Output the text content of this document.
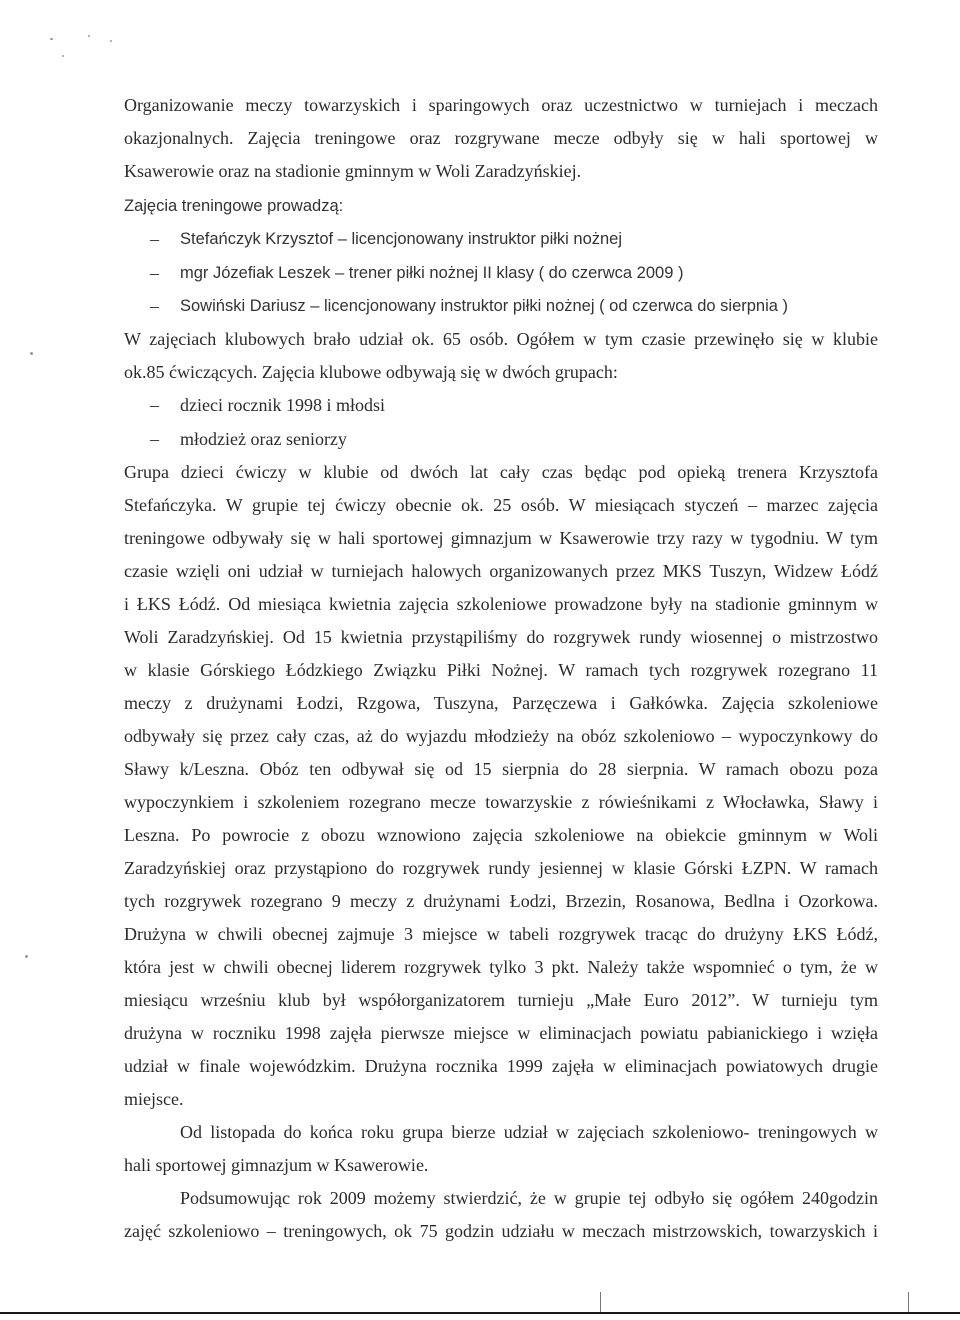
Organizowanie meczy towarzyskich i sparingowych oraz uczestnictwo w turniejach i meczach
okazjonalnych. Zajęcia treningowe oraz rozgrywane mecze odbyły się w hali sportowej w
Ksawerowie oraz na stadionie gminnym w Woli Zaradzyńskiej.
Zajęcia treningowe prowadzą:
– Stefańczyk Krzysztof – licencjonowany instruktor piłki nożnej
– mgr Józefiak Leszek – trener piłki nożnej II klasy ( do czerwca 2009 )
– Sowiński Dariusz – licencjonowany instruktor piłki nożnej ( od czerwca do sierpnia )
W zajęciach klubowych brało udział ok. 65 osób. Ogółem w tym czasie przewinęło się w klubie
ok.85 ćwiczących. Zajęcia klubowe odbywają się w dwóch grupach:
– dzieci rocznik 1998 i młodsi
– młodzież oraz seniorzy
Grupa dzieci ćwiczy w klubie od dwóch lat cały czas będąc pod opieką trenera Krzysztofa
Stefańczyka. W grupie tej ćwiczy obecnie ok. 25 osób. W miesiącach styczeń – marzec zajęcia
treningowe odbywały się w hali sportowej gimnazjum w Ksawerowie trzy razy w tygodniu. W tym
czasie wzięli oni udział w turniejach halowych organizowanych przez MKS Tuszyn, Widzew Łódź
i ŁKS Łódź. Od miesiąca kwietnia zajęcia szkoleniowe prowadzone były na stadionie gminnym w
Woli Zaradzyńskiej. Od 15 kwietnia przystąpiliśmy do rozgrywek rundy wiosennej o mistrzostwo
w klasie Górskiego Łódzkiego Związku Piłki Nożnej. W ramach tych rozgrywek rozegrano 11
meczy z drużynami Łodzi, Rzgowa, Tuszyna, Parzęczewa i Gałkówka. Zajęcia szkoleniowe
odbywały się przez cały czas, aż do wyjazdu młodzieży na obóz szkoleniowo – wypoczynkowy do
Sławy k/Leszna. Obóz ten odbywał się od 15 sierpnia do 28 sierpnia. W ramach obozu poza
wypoczynkiem i szkoleniem rozegrano mecze towarzyskie z rówieśnikami z Włocławka, Sławy i
Leszna. Po powrocie z obozu wznowiono zajęcia szkoleniowe na obiekcie gminnym w Woli
Zaradzyńskiej oraz przystąpiono do rozgrywek rundy jesiennej w klasie Górski ŁZPN. W ramach
tych rozgrywek rozegrano 9 meczy z drużynami Łodzi, Brzezin, Rosanowa, Bedlna i Ozorkowa.
Drużyna w chwili obecnej zajmuje 3 miejsce w tabeli rozgrywek tracąc do drużyny ŁKS Łódź,
która jest w chwili obecnej liderem rozgrywek tylko 3 pkt. Należy także wspomnieć o tym, że w
miesiącu wrześniu klub był współorganizatorem turnieju „Małe Euro 2012”. W turnieju tym
drużyna w roczniku 1998 zajęła pierwsze miejsce w eliminacjach powiatu pabianickiego i wzięła
udział w finale wojewódzkim. Drużyna rocznika 1999 zajęła w eliminacjach powiatowych drugie
miejsce.
Od listopada do końca roku grupa bierze udział w zajęciach szkoleniowo- treningowych w
hali sportowej gimnazjum w Ksawerowie.
Podsumowując rok 2009 możemy stwierdzić, że w grupie tej odbyło się ogółem 240godzin
zajęć szkoleniowo – treningowych, ok 75 godzin udziału w meczach mistrzowskich, towarzyskich i
